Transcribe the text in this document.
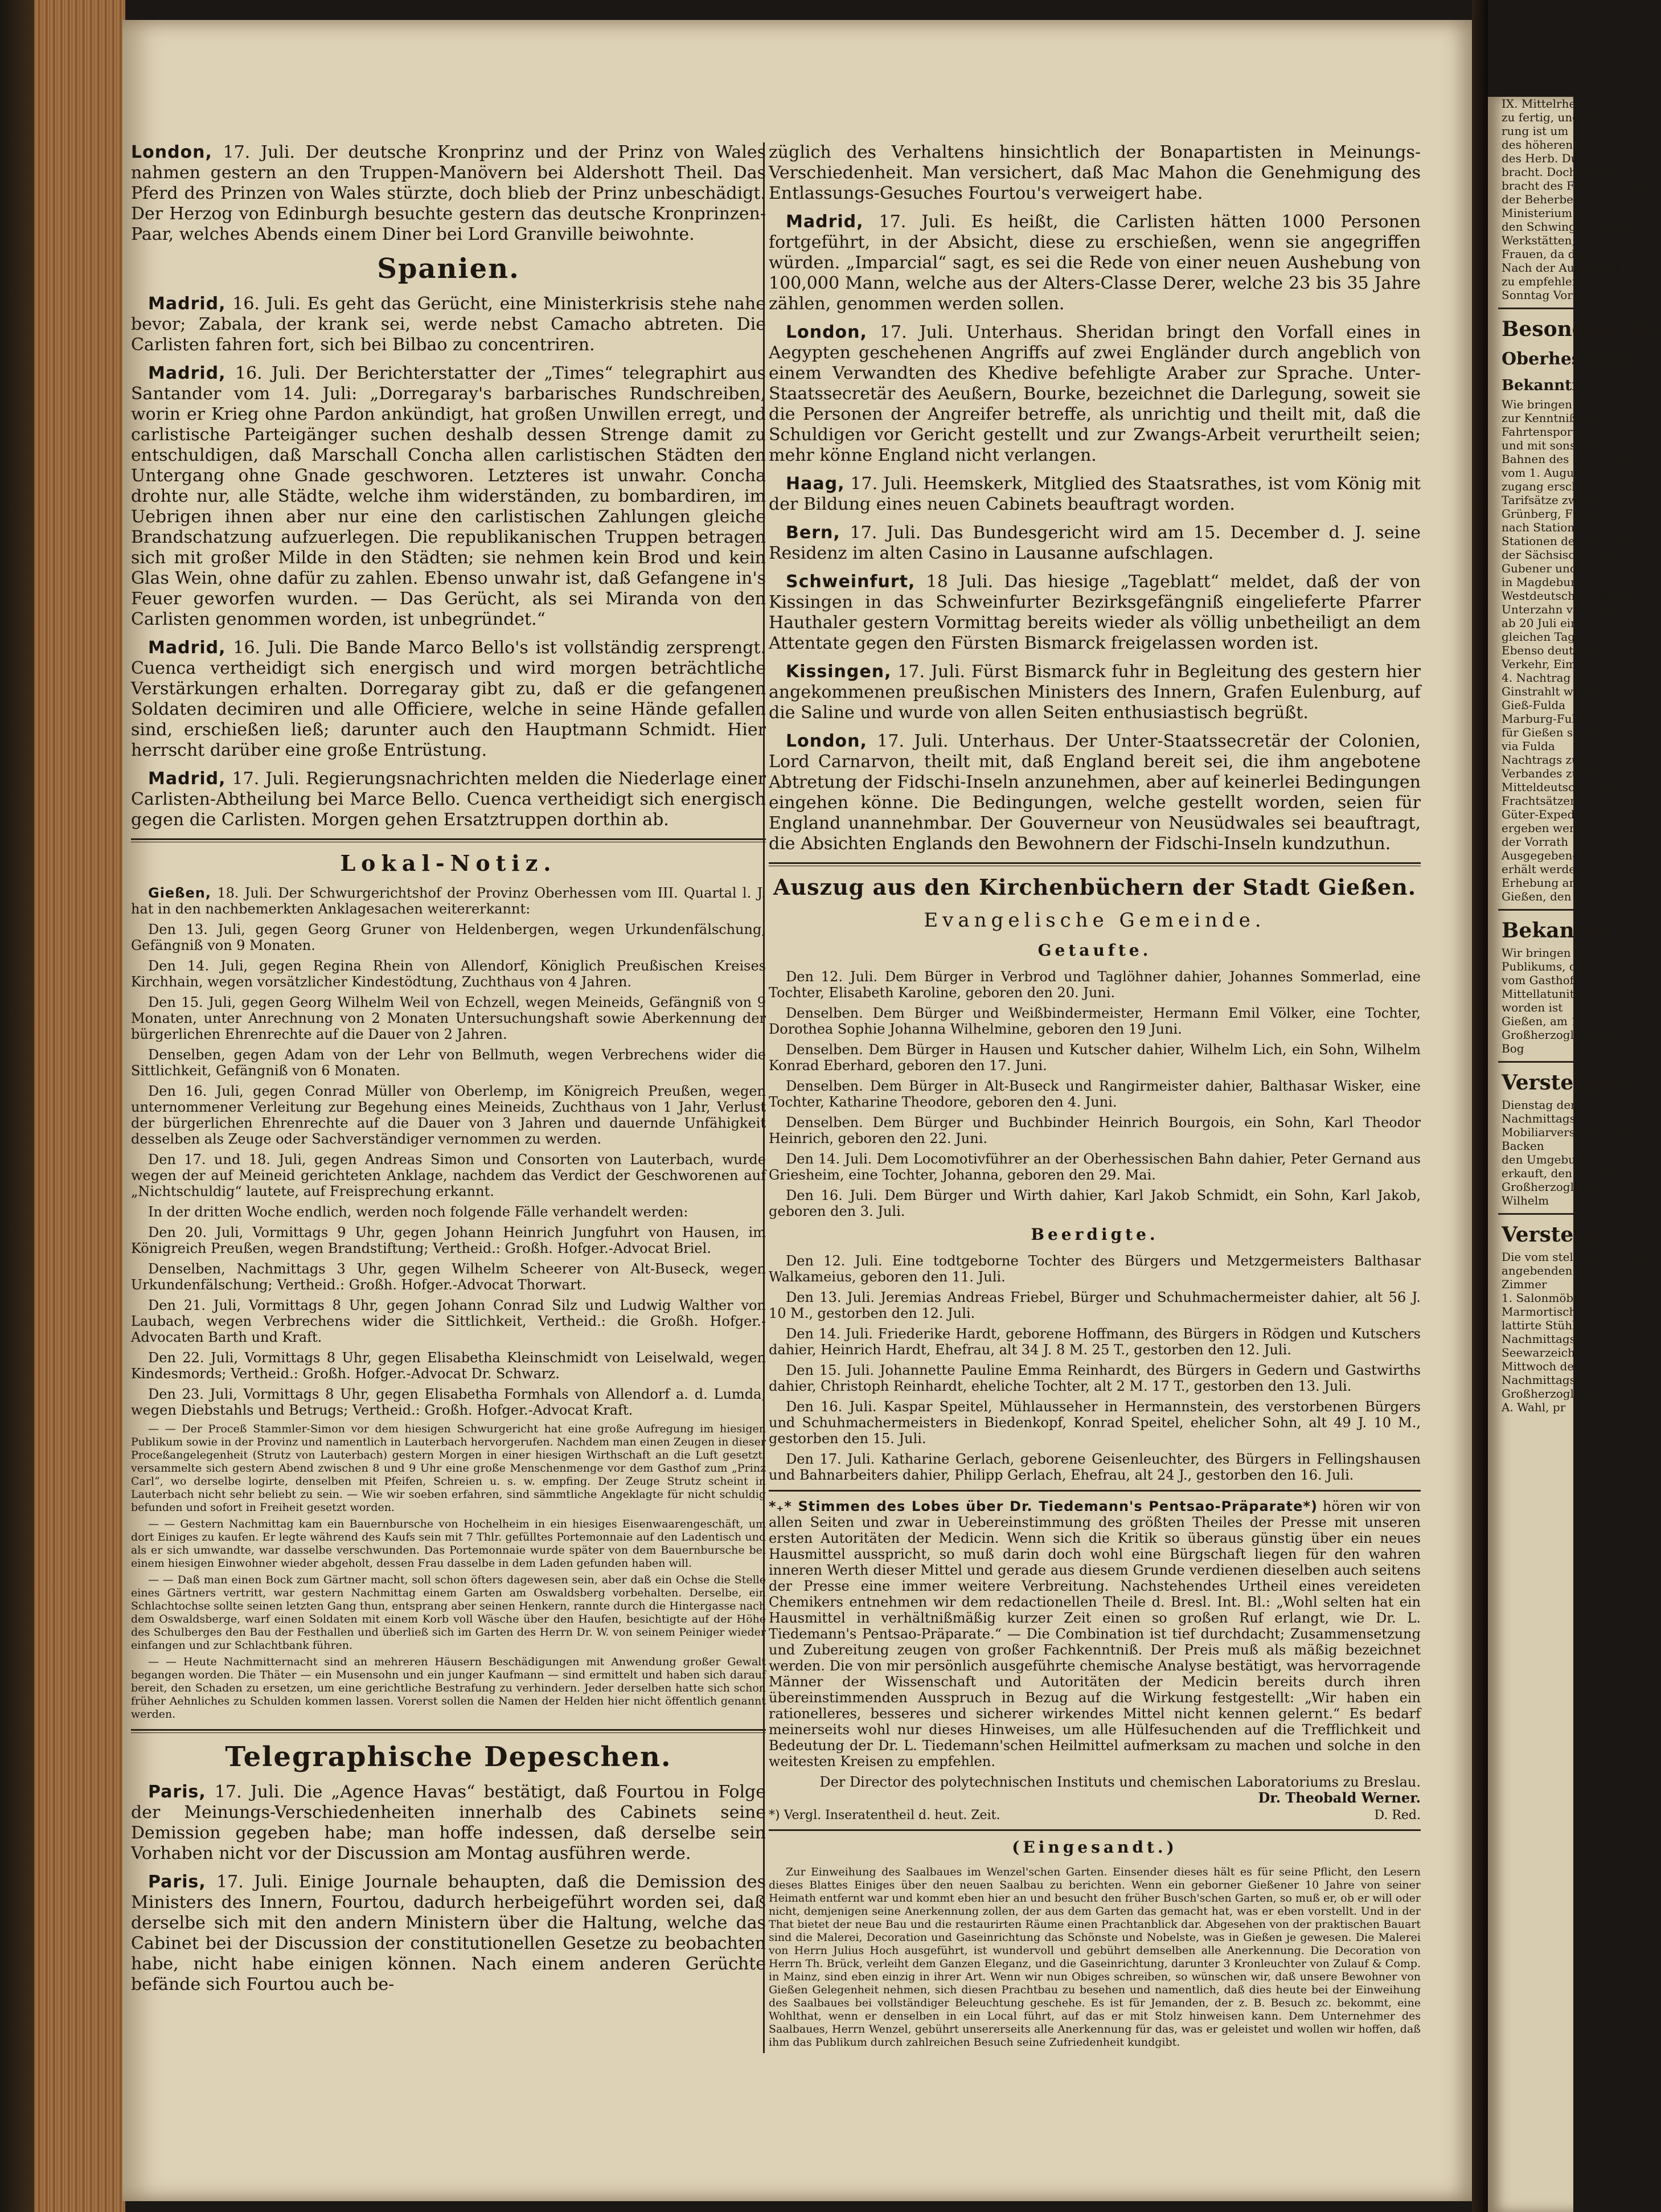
London, 17. Juli. Der deutsche Kronprinz und der Prinz von Wales nahmen gestern an den Truppen-Manövern bei Aldershott Theil. Das Pferd des Prinzen von Wales stürzte, doch blieb der Prinz unbeschädigt. Der Herzog von Edinburgh besuchte gestern das deutsche Kronprinzen-Paar, welches Abends einem Diner bei Lord Granville beiwohnte.

Spanien.

Madrid, 16. Juli. Es geht das Gerücht, eine Ministerkrisis stehe nahe bevor; Zabala, der krank sei, werde nebst Camacho abtreten. Die Carlisten fahren fort, sich bei Bilbao zu concentriren.

Madrid, 16. Juli. Der Berichterstatter der „Times“ telegraphirt aus Santander vom 14. Juli: „Dorregaray's barbarisches Rundschreiben, worin er Krieg ohne Pardon ankündigt, hat großen Unwillen erregt, und carlistische Parteigänger suchen deshalb dessen Strenge damit zu entschuldigen, daß Marschall Concha allen carlistischen Städten den Untergang ohne Gnade geschworen. Letzteres ist unwahr. Concha drohte nur, alle Städte, welche ihm widerständen, zu bombardiren, im Uebrigen ihnen aber nur eine den carlistischen Zahlungen gleiche Brandschatzung aufzuerlegen. Die republikanischen Truppen betragen sich mit großer Milde in den Städten; sie nehmen kein Brod und kein Glas Wein, ohne dafür zu zahlen. Ebenso unwahr ist, daß Gefangene in's Feuer geworfen wurden. — Das Gerücht, als sei Miranda von den Carlisten genommen worden, ist unbegründet.“

Madrid, 16. Juli. Die Bande Marco Bello's ist vollständig zersprengt. Cuenca vertheidigt sich energisch und wird morgen beträchtliche Verstärkungen erhalten. Dorregaray gibt zu, daß er die gefangenen Soldaten decimiren und alle Officiere, welche in seine Hände gefallen sind, erschießen ließ; darunter auch den Hauptmann Schmidt. Hier herrscht darüber eine große Entrüstung.

Madrid, 17. Juli. Regierungsnachrichten melden die Niederlage einer Carlisten-Abtheilung bei Marce Bello. Cuenca vertheidigt sich energisch gegen die Carlisten. Morgen gehen Ersatztruppen dorthin ab.

Lokal-Notiz.

Gießen, 18. Juli. Der Schwurgerichtshof der Provinz Oberhessen vom III. Quartal l. J. hat in den nachbemerkten Anklagesachen weitererkannt:

Den 13. Juli, gegen Georg Gruner von Heldenbergen, wegen Urkundenfälschung, Gefängniß von 9 Monaten.

Den 14. Juli, gegen Regina Rhein von Allendorf, Königlich Preußischen Kreises Kirchhain, wegen vorsätzlicher Kindestödtung, Zuchthaus von 4 Jahren.

Den 15. Juli, gegen Georg Wilhelm Weil von Echzell, wegen Meineids, Gefängniß von 9 Monaten, unter Anrechnung von 2 Monaten Untersuchungshaft sowie Aberkennung der bürgerlichen Ehrenrechte auf die Dauer von 2 Jahren.

Denselben, gegen Adam von der Lehr von Bellmuth, wegen Verbrechens wider die Sittlichkeit, Gefängniß von 6 Monaten.

Den 16. Juli, gegen Conrad Müller von Oberlemp, im Königreich Preußen, wegen unternommener Verleitung zur Begehung eines Meineids, Zuchthaus von 1 Jahr, Verlust der bürgerlichen Ehrenrechte auf die Dauer von 3 Jahren und dauernde Unfähigkeit desselben als Zeuge oder Sachverständiger vernommen zu werden.

Den 17. und 18. Juli, gegen Andreas Simon und Consorten von Lauterbach, wurde wegen der auf Meineid gerichteten Anklage, nachdem das Verdict der Geschworenen auf „Nichtschuldig“ lautete, auf Freisprechung erkannt.

In der dritten Woche endlich, werden noch folgende Fälle verhandelt werden:

Den 20. Juli, Vormittags 9 Uhr, gegen Johann Heinrich Jungfuhrt von Hausen, im Königreich Preußen, wegen Brandstiftung; Vertheid.: Großh. Hofger.-Advocat Briel.

Denselben, Nachmittags 3 Uhr, gegen Wilhelm Scheerer von Alt-Buseck, wegen Urkundenfälschung; Vertheid.: Großh. Hofger.-Advocat Thorwart.

Den 21. Juli, Vormittags 8 Uhr, gegen Johann Conrad Silz und Ludwig Walther von Laubach, wegen Verbrechens wider die Sittlichkeit, Vertheid.: die Großh. Hofger.-Advocaten Barth und Kraft.

Den 22. Juli, Vormittags 8 Uhr, gegen Elisabetha Kleinschmidt von Leiselwald, wegen Kindesmords; Vertheid.: Großh. Hofger.-Advocat Dr. Schwarz.

Den 23. Juli, Vormittags 8 Uhr, gegen Elisabetha Formhals von Allendorf a. d. Lumda, wegen Diebstahls und Betrugs; Vertheid.: Großh. Hofger.-Advocat Kraft.

— — Der Proceß Stammler-Simon vor dem hiesigen Schwurgericht hat eine große Aufregung im hiesigen Publikum sowie in der Provinz und namentlich in Lauterbach hervorgerufen. Nachdem man einen Zeugen in dieser Proceßangelegenheit (Strutz von Lauterbach) gestern Morgen in einer hiesigen Wirthschaft an die Luft gesetzt, versammelte sich gestern Abend zwischen 8 und 9 Uhr eine große Menschenmenge vor dem Gasthof zum „Prinz Carl“, wo derselbe logirte, denselben mit Pfeifen, Schreien u. s. w. empfing. Der Zeuge Strutz scheint in Lauterbach nicht sehr beliebt zu sein. — Wie wir soeben erfahren, sind sämmtliche Angeklagte für nicht schuldig befunden und sofort in Freiheit gesetzt worden.

— — Gestern Nachmittag kam ein Bauernbursche von Hochelheim in ein hiesiges Eisenwaarengeschäft, um dort Einiges zu kaufen. Er legte während des Kaufs sein mit 7 Thlr. gefülltes Portemonnaie auf den Ladentisch und als er sich umwandte, war dasselbe verschwunden. Das Portemonnaie wurde später von dem Bauernbursche bei einem hiesigen Einwohner wieder abgeholt, dessen Frau dasselbe in dem Laden gefunden haben will.

— — Daß man einen Bock zum Gärtner macht, soll schon öfters dagewesen sein, aber daß ein Ochse die Stelle eines Gärtners vertritt, war gestern Nachmittag einem Garten am Oswaldsberg vorbehalten. Derselbe, ein Schlachtochse sollte seinen letzten Gang thun, entsprang aber seinen Henkern, rannte durch die Hintergasse nach dem Oswaldsberge, warf einen Soldaten mit einem Korb voll Wäsche über den Haufen, besichtigte auf der Höhe des Schulberges den Bau der Festhallen und überließ sich im Garten des Herrn Dr. W. von seinem Peiniger wieder einfangen und zur Schlachtbank führen.

— — Heute Nachmitternacht sind an mehreren Häusern Beschädigungen mit Anwendung großer Gewalt begangen worden. Die Thäter — ein Musensohn und ein junger Kaufmann — sind ermittelt und haben sich darauf bereit, den Schaden zu ersetzen, um eine gerichtliche Bestrafung zu verhindern. Jeder derselben hatte sich schon früher Aehnliches zu Schulden kommen lassen. Vorerst sollen die Namen der Helden hier nicht öffentlich genannt werden.

Telegraphische Depeschen.

Paris, 17. Juli. Die „Agence Havas“ bestätigt, daß Fourtou in Folge der Meinungs-Verschiedenheiten innerhalb des Cabinets seine Demission gegeben habe; man hoffe indessen, daß derselbe sein Vorhaben nicht vor der Discussion am Montag ausführen werde.

Paris, 17. Juli. Einige Journale behaupten, daß die Demission des Ministers des Innern, Fourtou, dadurch herbeigeführt worden sei, daß derselbe sich mit den andern Ministern über die Haltung, welche das Cabinet bei der Discussion der constitutionellen Gesetze zu beobachten habe, nicht habe einigen können. Nach einem anderen Gerüchte befände sich Fourtou auch be-

züglich des Verhaltens hinsichtlich der Bonapartisten in Meinungs-Verschiedenheit. Man versichert, daß Mac Mahon die Genehmigung des Entlassungs-Gesuches Fourtou's verweigert habe.

Madrid, 17. Juli. Es heißt, die Carlisten hätten 1000 Personen fortgeführt, in der Absicht, diese zu erschießen, wenn sie angegriffen würden. „Imparcial“ sagt, es sei die Rede von einer neuen Aushebung von 100,000 Mann, welche aus der Alters-Classe Derer, welche 23 bis 35 Jahre zählen, genommen werden sollen.

London, 17. Juli. Unterhaus. Sheridan bringt den Vorfall eines in Aegypten geschehenen Angriffs auf zwei Engländer durch angeblich von einem Verwandten des Khedive befehligte Araber zur Sprache. Unter-Staatssecretär des Aeußern, Bourke, bezeichnet die Darlegung, soweit sie die Personen der Angreifer betreffe, als unrichtig und theilt mit, daß die Schuldigen vor Gericht gestellt und zur Zwangs-Arbeit verurtheilt seien; mehr könne England nicht verlangen.

Haag, 17. Juli. Heemskerk, Mitglied des Staatsrathes, ist vom König mit der Bildung eines neuen Cabinets beauftragt worden.

Bern, 17. Juli. Das Bundesgericht wird am 15. December d. J. seine Residenz im alten Casino in Lausanne aufschlagen.

Schweinfurt, 18 Juli. Das hiesige „Tageblatt“ meldet, daß der von Kissingen in das Schweinfurter Bezirksgefängniß eingelieferte Pfarrer Hauthaler gestern Vormittag bereits wieder als völlig unbetheiligt an dem Attentate gegen den Fürsten Bismarck freigelassen worden ist.

Kissingen, 17. Juli. Fürst Bismarck fuhr in Begleitung des gestern hier angekommenen preußischen Ministers des Innern, Grafen Eulenburg, auf die Saline und wurde von allen Seiten enthusiastisch begrüßt.

London, 17. Juli. Unterhaus. Der Unter-Staatssecretär der Colonien, Lord Carnarvon, theilt mit, daß England bereit sei, die ihm angebotene Abtretung der Fidschi-Inseln anzunehmen, aber auf keinerlei Bedingungen eingehen könne. Die Bedingungen, welche gestellt worden, seien für England unannehmbar. Der Gouverneur von Neusüdwales sei beauftragt, die Absichten Englands den Bewohnern der Fidschi-Inseln kundzuthun.

Auszug aus den Kirchenbüchern der Stadt Gießen.
Evangelische Gemeinde.
Getaufte.

Den 12. Juli. Dem Bürger in Verbrod und Taglöhner dahier, Johannes Sommerlad, eine Tochter, Elisabeth Karoline, geboren den 20. Juni.

Denselben. Dem Bürger und Weißbindermeister, Hermann Emil Völker, eine Tochter, Dorothea Sophie Johanna Wilhelmine, geboren den 19 Juni.

Denselben. Dem Bürger in Hausen und Kutscher dahier, Wilhelm Lich, ein Sohn, Wilhelm Konrad Eberhard, geboren den 17. Juni.

Denselben. Dem Bürger in Alt-Buseck und Rangirmeister dahier, Balthasar Wisker, eine Tochter, Katharine Theodore, geboren den 4. Juni.

Denselben. Dem Bürger und Buchbinder Heinrich Bourgois, ein Sohn, Karl Theodor Heinrich, geboren den 22. Juni.

Den 14. Juli. Dem Locomotivführer an der Oberhessischen Bahn dahier, Peter Gernand aus Griesheim, eine Tochter, Johanna, geboren den 29. Mai.

Den 16. Juli. Dem Bürger und Wirth dahier, Karl Jakob Schmidt, ein Sohn, Karl Jakob, geboren den 3. Juli.

Beerdigte.

Den 12. Juli. Eine todtgeborne Tochter des Bürgers und Metzgermeisters Balthasar Walkameius, geboren den 11. Juli.

Den 13. Juli. Jeremias Andreas Friebel, Bürger und Schuhmachermeister dahier, alt 56 J. 10 M., gestorben den 12. Juli.

Den 14. Juli. Friederike Hardt, geborene Hoffmann, des Bürgers in Rödgen und Kutschers dahier, Heinrich Hardt, Ehefrau, alt 34 J. 8 M. 25 T., gestorben den 12. Juli.

Den 15. Juli. Johannette Pauline Emma Reinhardt, des Bürgers in Gedern und Gastwirths dahier, Christoph Reinhardt, eheliche Tochter, alt 2 M. 17 T., gestorben den 13. Juli.

Den 16. Juli. Kaspar Speitel, Mühlausseher in Hermannstein, des verstorbenen Bürgers und Schuhmachermeisters in Biedenkopf, Konrad Speitel, ehelicher Sohn, alt 49 J. 10 M., gestorben den 15. Juli.

Den 17. Juli. Katharine Gerlach, geborene Geisenleuchter, des Bürgers in Fellingshausen und Bahnarbeiters dahier, Philipp Gerlach, Ehefrau, alt 24 J., gestorben den 16. Juli.

*₊* Stimmen des Lobes über Dr. Tiedemann's Pentsao-Präparate*) hören wir von allen Seiten und zwar in Uebereinstimmung des größten Theiles der Presse mit unseren ersten Autoritäten der Medicin. Wenn sich die Kritik so überaus günstig über ein neues Hausmittel ausspricht, so muß darin doch wohl eine Bürgschaft liegen für den wahren inneren Werth dieser Mittel und gerade aus diesem Grunde verdienen dieselben auch seitens der Presse eine immer weitere Verbreitung. Nachstehendes Urtheil eines vereideten Chemikers entnehmen wir dem redactionellen Theile d. Bresl. Int. Bl.: „Wohl selten hat ein Hausmittel in verhältnißmäßig kurzer Zeit einen so großen Ruf erlangt, wie Dr. L. Tiedemann's Pentsao-Präparate.“ — Die Combination ist tief durchdacht; Zusammensetzung und Zubereitung zeugen von großer Fachkenntniß. Der Preis muß als mäßig bezeichnet werden. Die von mir persönlich ausgeführte chemische Analyse bestätigt, was hervorragende Männer der Wissenschaft und Autoritäten der Medicin bereits durch ihren übereinstimmenden Ausspruch in Bezug auf die Wirkung festgestellt: „Wir haben ein rationelleres, besseres und sicherer wirkendes Mittel nicht kennen gelernt.“ Es bedarf meinerseits wohl nur dieses Hinweises, um alle Hülfesuchenden auf die Trefflichkeit und Bedeutung der Dr. L. Tiedemann'schen Heilmittel aufmerksam zu machen und solche in den weitesten Kreisen zu empfehlen.

Der Director des polytechnischen Instituts und chemischen Laboratoriums zu Breslau.

Dr. Theobald Werner.

*) Vergl. Inseratentheil d. heut. Zeit.	D. Red.
(Eingesandt.)

Zur Einweihung des Saalbaues im Wenzel'schen Garten. Einsender dieses hält es für seine Pflicht, den Lesern dieses Blattes Einiges über den neuen Saalbau zu berichten. Wenn ein geborner Gießener 10 Jahre von seiner Heimath entfernt war und kommt eben hier an und besucht den früher Busch'schen Garten, so muß er, ob er will oder nicht, demjenigen seine Anerkennung zollen, der aus dem Garten das gemacht hat, was er eben vorstellt. Und in der That bietet der neue Bau und die restaurirten Räume einen Prachtanblick dar. Abgesehen von der praktischen Bauart sind die Malerei, Decoration und Gaseinrichtung das Schönste und Nobelste, was in Gießen je gewesen. Die Malerei von Herrn Julius Hoch ausgeführt, ist wundervoll und gebührt demselben alle Anerkennung. Die Decoration von Herrn Th. Brück, verleiht dem Ganzen Eleganz, und die Gaseinrichtung, darunter 3 Kronleuchter von Zulauf & Comp. in Mainz, sind eben einzig in ihrer Art. Wenn wir nun Obiges schreiben, so wünschen wir, daß unsere Bewohner von Gießen Gelegenheit nehmen, sich diesen Prachtbau zu besehen und namentlich, daß dies heute bei der Einweihung des Saalbaues bei vollständiger Beleuchtung geschehe. Es ist für Jemanden, der z. B. Besuch zc. bekommt, eine Wohlthat, wenn er denselben in ein Local führt, auf das er mit Stolz hinweisen kann. Dem Unternehmer des Saalbaues, Herrn Wenzel, gebührt unsererseits alle Anerkennung für das, was er geleistet und wollen wir hoffen, daß ihm das Publikum durch zahlreichen Besuch seine Zufriedenheit kundgibt.

IX. Mittelrhein

zu fertig, und find b

rung ist um 10,

des höheren

des Herb. Durch

bracht. Doch Vortreb

bracht des Fremden und

der Beherbergung der

Ministerium zu der nur erg

den Schwingern Wenzel

Werkstätten, wie es in den

Frauen, da die Verbote

Nach der Aufenthalt in

zu empfehlen

Sonntag Vormittag

Besondere Be

Oberhessische

Bekanntm

Wie bringen

zur Kenntniß, daß

Fahrtensport von Gütern

und mit sonstigen Ge

Bahnen des Mitteldeut

vom 1. August

zugang erschienen

Tarifsätze zwischen

Grünberg, Fulda

nach Stationen

Stationen der Werra-Ba

der Sächsischen Staats-

Gubener und Wallan

in Magdeburg-Leipzig

Westdeutsche und der B

Unterzahn via Fulda

ab 20 Juli eine

gleichen Tage an

Ebenso deutsche

Verkehr, Eimich

4. Nachtrag

Ginstrahlt welche

Gieß-Fulda

Marburg-Fulda

für Gießen sind die

via Fulda

Nachtrags zu den

Verbandes zu diesem

Mitteldeutschen Verbar

Frachtsätzen Verzahlt

Güter-Expeditionen

ergeben werden

der Vorrath

Ausgegebenen und

erhält werden

Erhebung am 1

Gießen, den 18. Juli

Bekanntr

Wir bringen zur

Publikums, daß

vom Gasthof

Mittellatunit

worden ist

Gießen, am 18

Großherzogliche Bürge

Bog

Versteigen

Dienstag den

Nachmittags

Mobiliarversteigerung

Backen

den Umgebung

erkauft, den 18. Juli

Großherzogliche Ort

Wilhelm

Versteige

Die vom stellvertretendem

angebenden der Oe

Zimmer

1. Salonmöbel

Marmortisch

lattirte Stühle

Nachmittags

Seewarzeichnet

Mittwoch den

Nachmittags

Großherzogliche

A. Wahl, pr
